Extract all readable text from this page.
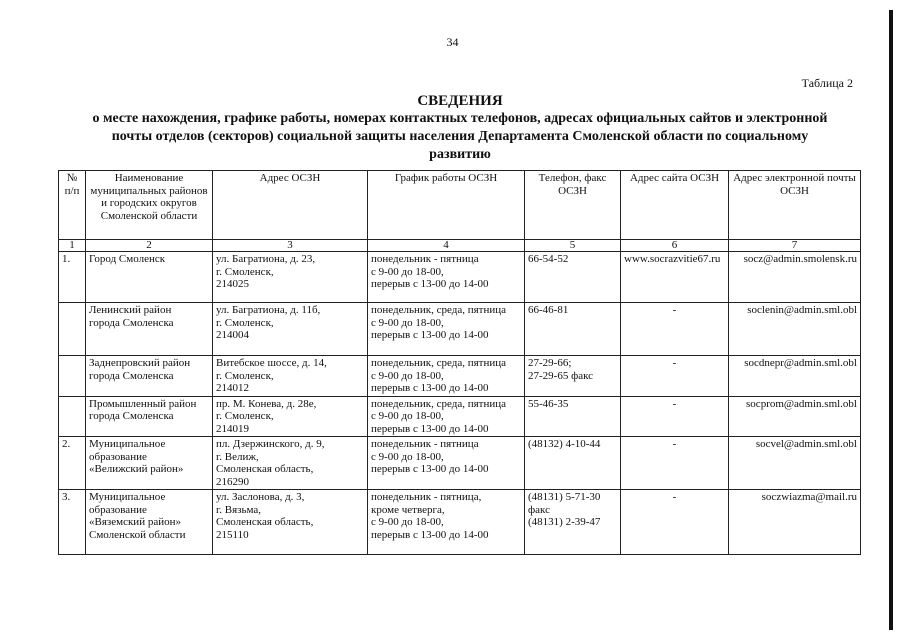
34
Таблица 2
СВЕДЕНИЯ
о месте нахождения, графике работы, номерах контактных телефонов, адресах официальных сайтов и электронной
почты отделов (секторов) социальной защиты населения Департамента Смоленской области по социальному
развитию
№ п/п	Наименование муниципальных районов и городских округов Смоленской области	Адрес ОСЗН	График работы ОСЗН	Телефон, факс ОСЗН	Адрес сайта ОСЗН	Адрес электронной почты ОСЗН
1	2	3	4	5	6	7
1.	Город Смоленск	ул. Багратиона, д. 23,
г. Смоленск,
214025	понедельник - пятница
с 9-00 до 18-00,
перерыв с 13-00 до 14-00	66-54-52	www.socrazvitie67.ru	socz@admin.smolensk.ru

	Ленинский район
города Смоленска	ул. Багратиона, д. 11б,
г. Смоленск,
214004	понедельник, среда, пятница
с 9-00 до 18-00,
перерыв с 13-00 до 14-00	66-46-81	-	soclenin@admin.sml.obl

	Заднепровский район
города Смоленска	Витебское шоссе, д. 14,
г. Смоленск,
214012	понедельник, среда, пятница
с 9-00 до 18-00,
перерыв с 13-00 до 14-00	27-29-66;
27-29-65 факс	-	socdnepr@admin.sml.obl

	Промышленный район
города Смоленска	пр. М. Конева, д. 28е,
г. Смоленск,
214019	понедельник, среда, пятница
с 9-00 до 18-00,
перерыв с 13-00 до 14-00	55-46-35	-	socprom@admin.sml.obl
2.	Муниципальное
образование
«Велижский район»	пл. Дзержинского, д. 9,
г. Велиж,
Смоленская область,
216290	понедельник - пятница
с 9-00 до 18-00,
перерыв с 13-00 до 14-00	(48132) 4-10-44	-	socvel@admin.sml.obl
3.	Муниципальное
образование
«Вяземский район»
Смоленской области	ул. Заслонова, д. 3,
г. Вязьма,
Смоленская область,
215110	понедельник - пятница,
кроме четверга,
с 9-00 до 18-00,
перерыв с 13-00 до 14-00	(48131) 5-71-30
факс
(48131) 2-39-47	-	soczwiazma@mail.ru
